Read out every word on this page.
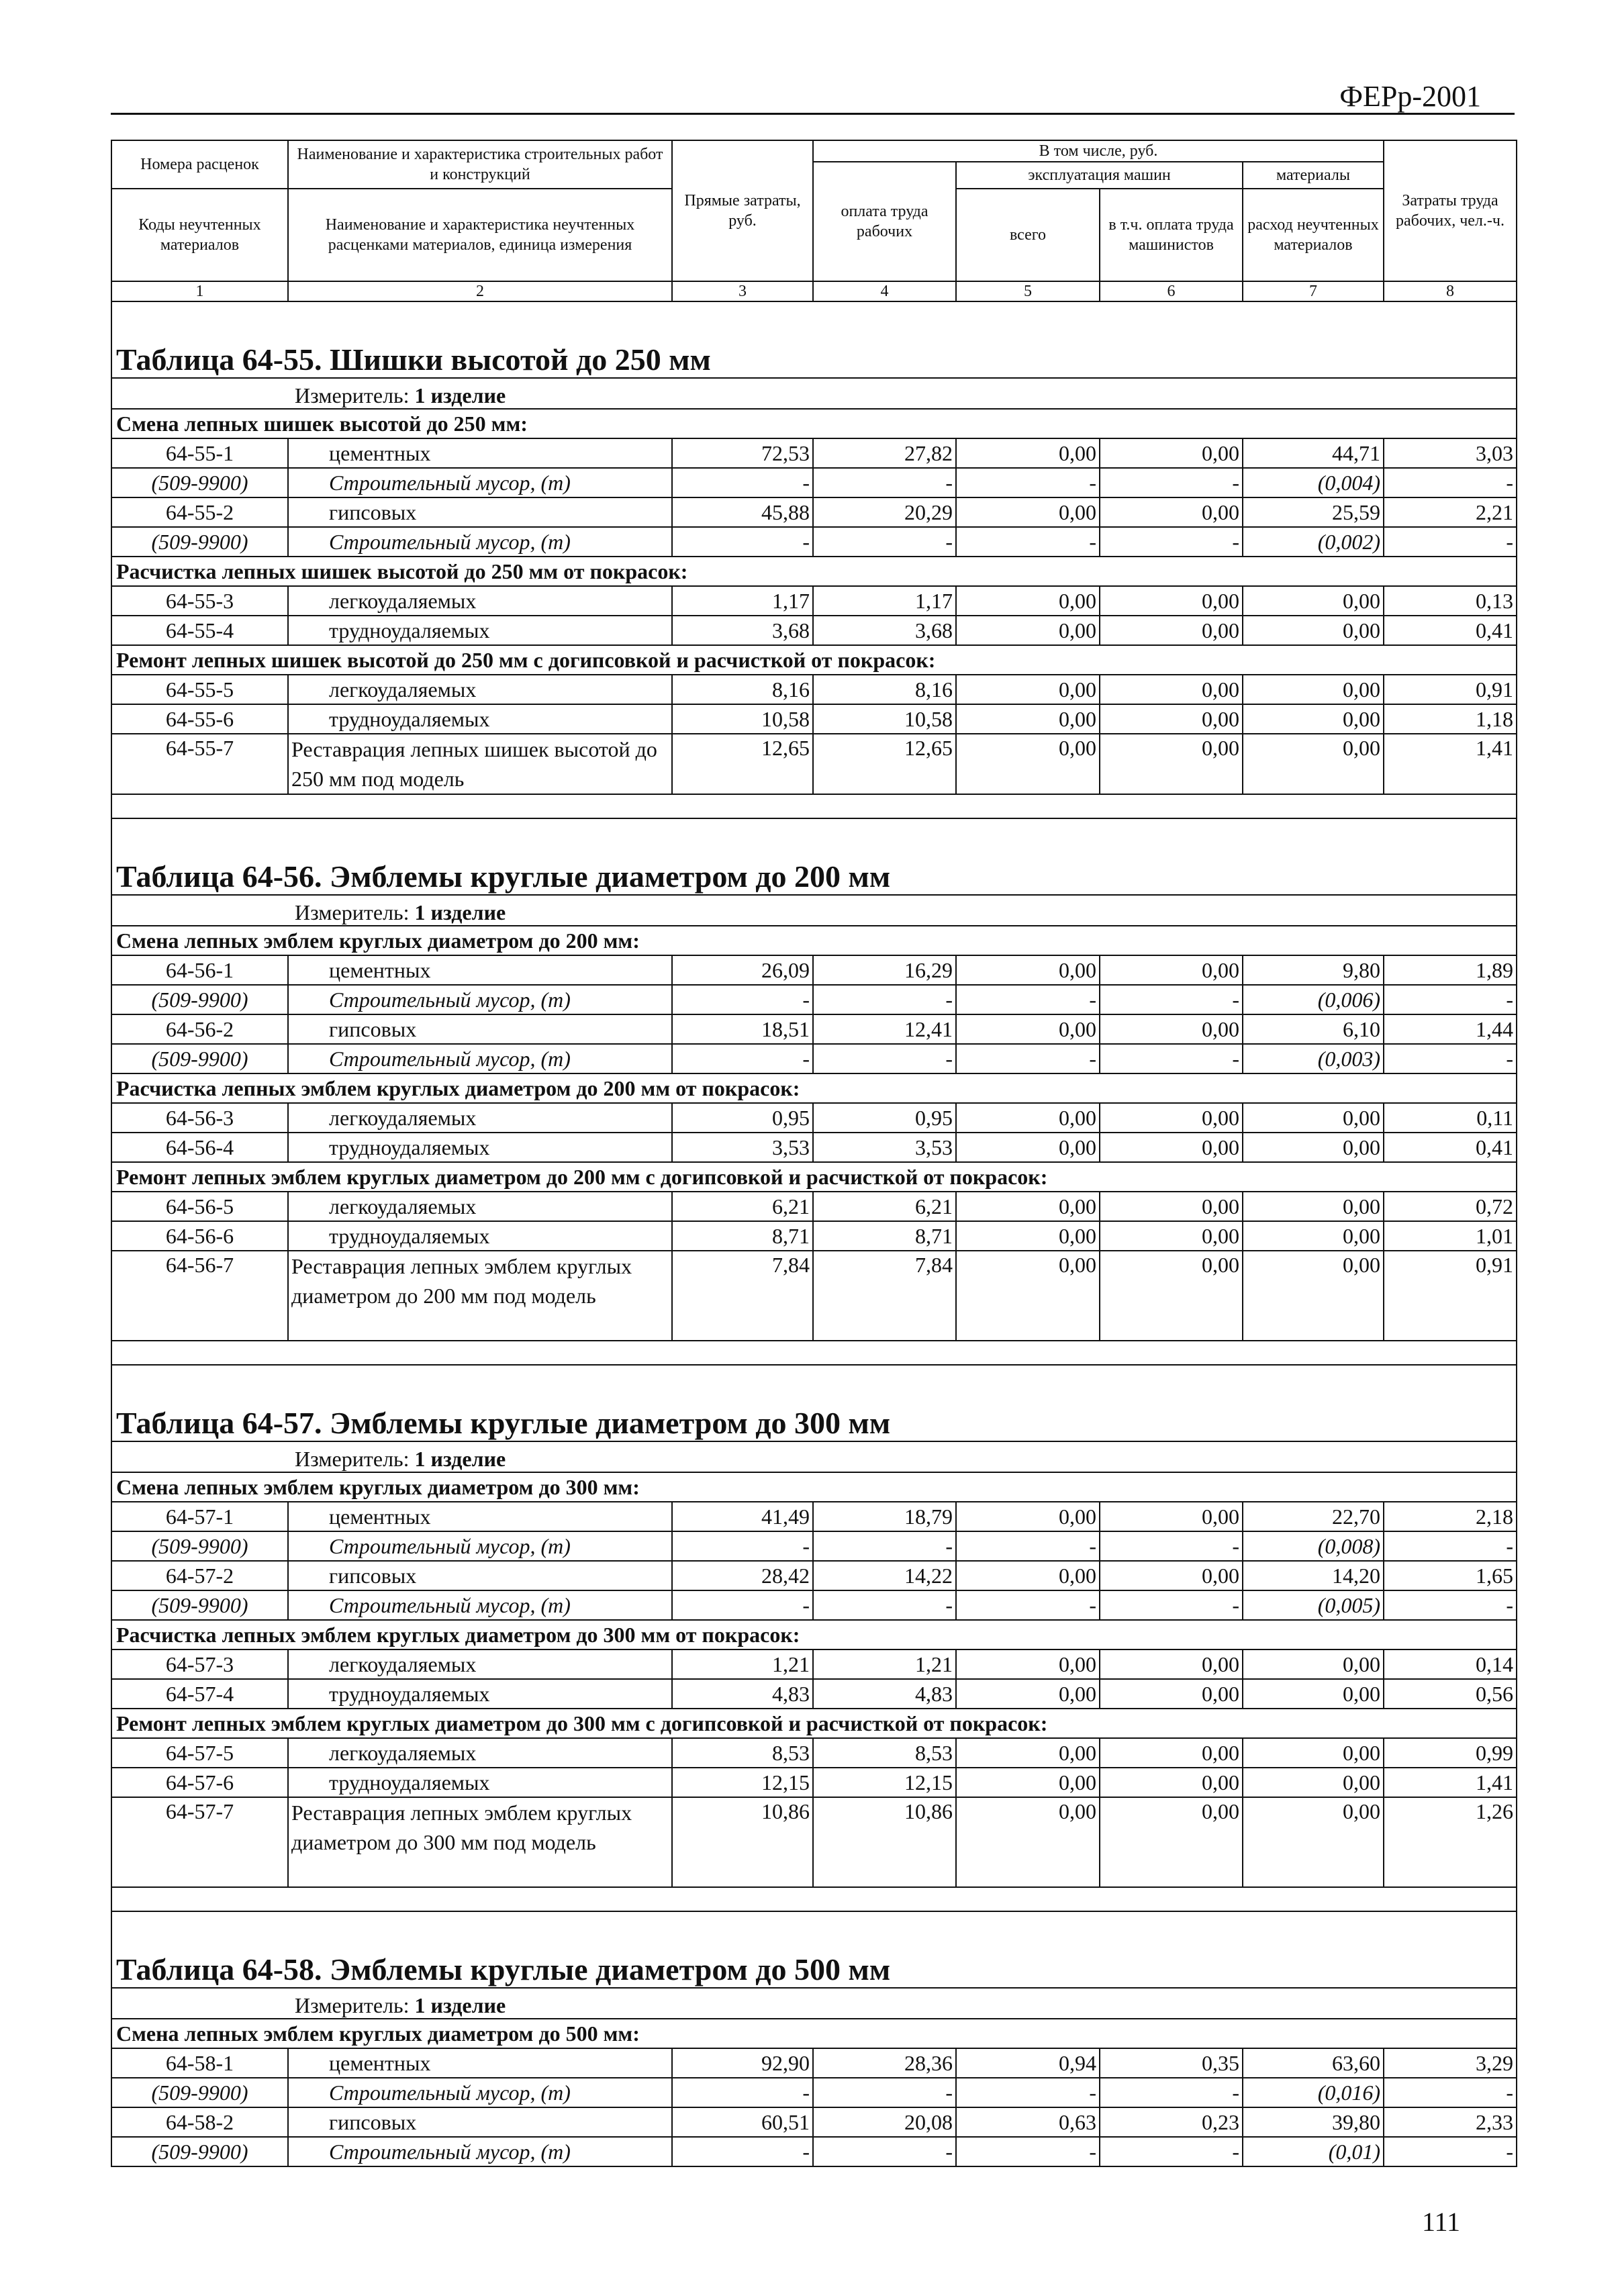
ФЕРр-2001
Номера расценок	Наименование и характеристика строительных работ и конструкций	Прямые затраты, руб.	В том числе, руб.				Затраты труда рабочих, чел.-ч.
			оплата труда рабочих	эксплуатация машин		материалы	
Коды неучтенных материалов	Наименование и характеристика неучтенных расценками материалов, единица измерения			всего	в т.ч. оплата труда машинистов	расход неучтенных материалов	

1	2	3	4	5	6	7	8
Таблица 64-55. Шишки высотой до 250 мм							
Измеритель: 1 изделие							
Смена лепных шишек высотой до 250 мм:							
64-55-1	цементных	72,53	27,82	0,00	0,00	44,71	3,03
(509-9900)	Строительный мусор, (т)	-	-	-	-	(0,004)	-
64-55-2	гипсовых	45,88	20,29	0,00	0,00	25,59	2,21
(509-9900)	Строительный мусор, (т)	-	-	-	-	(0,002)	-
Расчистка лепных шишек высотой до 250 мм от покрасок:							
64-55-3	легкоудаляемых	1,17	1,17	0,00	0,00	0,00	0,13
64-55-4	трудноудаляемых	3,68	3,68	0,00	0,00	0,00	0,41
Ремонт лепных шишек высотой до 250 мм с догипсовкой и расчисткой от покрасок:							
64-55-5	легкоудаляемых	8,16	8,16	0,00	0,00	0,00	0,91
64-55-6	трудноудаляемых	10,58	10,58	0,00	0,00	0,00	1,18
64-55-7	Реставрация лепных шишек высотой до 250 мм под модель	12,65	12,65	0,00	0,00	0,00	1,41

Таблица 64-56. Эмблемы круглые диаметром до 200 мм							
Измеритель: 1 изделие							
Смена лепных эмблем круглых диаметром до 200 мм:							
64-56-1	цементных	26,09	16,29	0,00	0,00	9,80	1,89
(509-9900)	Строительный мусор, (т)	-	-	-	-	(0,006)	-
64-56-2	гипсовых	18,51	12,41	0,00	0,00	6,10	1,44
(509-9900)	Строительный мусор, (т)	-	-	-	-	(0,003)	-
Расчистка лепных эмблем круглых диаметром до 200 мм от покрасок:							
64-56-3	легкоудаляемых	0,95	0,95	0,00	0,00	0,00	0,11
64-56-4	трудноудаляемых	3,53	3,53	0,00	0,00	0,00	0,41
Ремонт лепных эмблем круглых диаметром до 200 мм с догипсовкой и расчисткой от покрасок:							
64-56-5	легкоудаляемых	6,21	6,21	0,00	0,00	0,00	0,72
64-56-6	трудноудаляемых	8,71	8,71	0,00	0,00	0,00	1,01
64-56-7	Реставрация лепных эмблем круглых диаметром до 200 мм под модель	7,84	7,84	0,00	0,00	0,00	0,91

Таблица 64-57. Эмблемы круглые диаметром до 300 мм							
Измеритель: 1 изделие							
Смена лепных эмблем круглых диаметром до 300 мм:							
64-57-1	цементных	41,49	18,79	0,00	0,00	22,70	2,18
(509-9900)	Строительный мусор, (т)	-	-	-	-	(0,008)	-
64-57-2	гипсовых	28,42	14,22	0,00	0,00	14,20	1,65
(509-9900)	Строительный мусор, (т)	-	-	-	-	(0,005)	-
Расчистка лепных эмблем круглых диаметром до 300 мм от покрасок:							
64-57-3	легкоудаляемых	1,21	1,21	0,00	0,00	0,00	0,14
64-57-4	трудноудаляемых	4,83	4,83	0,00	0,00	0,00	0,56
Ремонт лепных эмблем круглых диаметром до 300 мм с догипсовкой и расчисткой от покрасок:							
64-57-5	легкоудаляемых	8,53	8,53	0,00	0,00	0,00	0,99
64-57-6	трудноудаляемых	12,15	12,15	0,00	0,00	0,00	1,41
64-57-7	Реставрация лепных эмблем круглых диаметром до 300 мм под модель	10,86	10,86	0,00	0,00	0,00	1,26

Таблица 64-58. Эмблемы круглые диаметром до 500 мм							
Измеритель: 1 изделие							
Смена лепных эмблем круглых диаметром до 500 мм:							
64-58-1	цементных	92,90	28,36	0,94	0,35	63,60	3,29
(509-9900)	Строительный мусор, (т)	-	-	-	-	(0,016)	-
64-58-2	гипсовых	60,51	20,08	0,63	0,23	39,80	2,33
(509-9900)	Строительный мусор, (т)	-	-	-	-	(0,01)	-
111
